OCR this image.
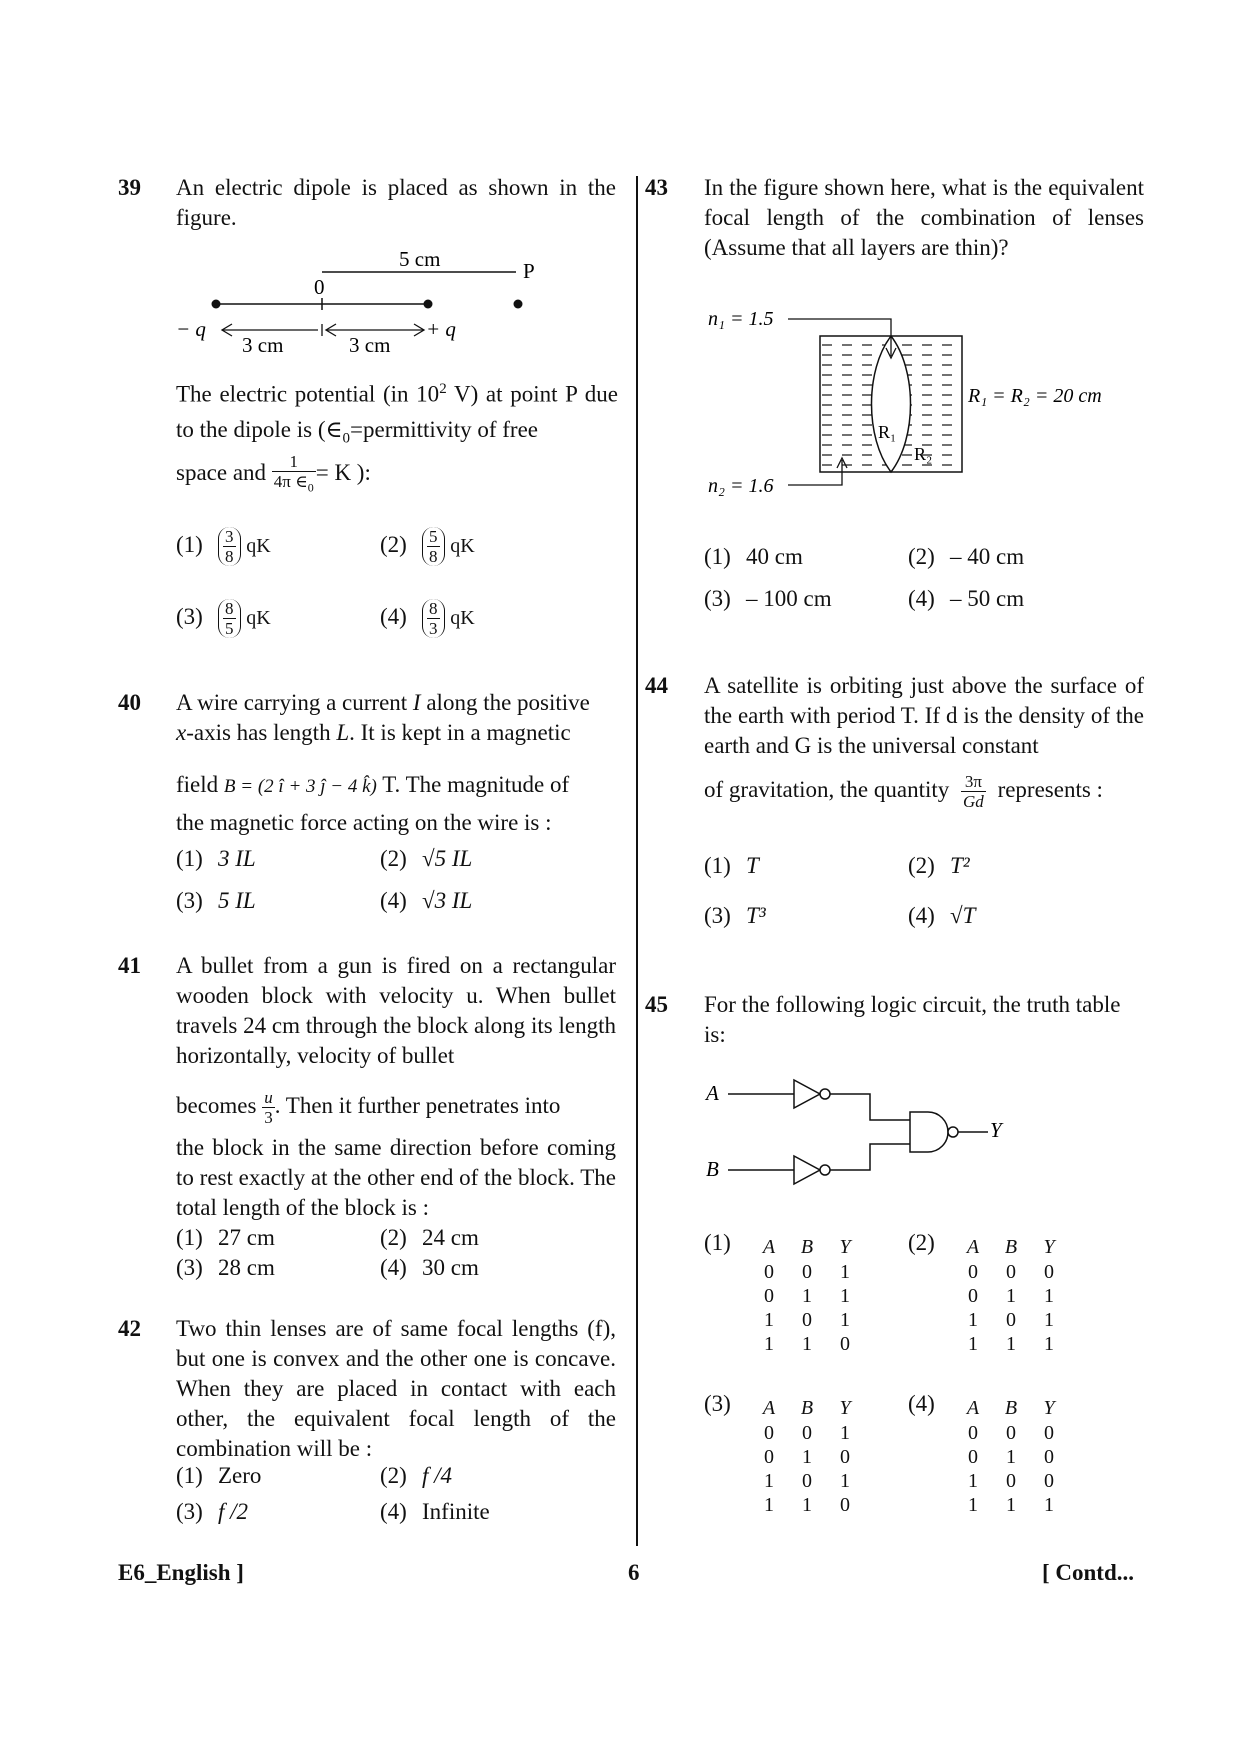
39 An electric dipole is placed as shown in the figure.
5 cm	P
0
− q	+ q
3 cm	3 cm
The electric potential (in $10^2$ V) at point P due to the dipole is ($\in_0=permittivity$ of free
space and $\frac{1}{4\pi \in_0} = K$ ):
$(1) \frac{3}{8}$ qK	$(2) \frac{5}{8}$ qK
$(3) \frac{8}{5}$ qK	$(4) \frac{8}{3}$ qK
40 A wire carrying a current I along the positive
x-axis has length L. It is kept in a magnetic
field B = (2 î + 3 ĵ − 4 k̂) T. The magnitude of
the magnetic force acting on the wire is :
(1) 3 IL	(2) √5 IL
(3) 5 IL	(4) √3 IL
41 A bullet from a gun is fired on a rectangular wooden block with velocity u. When bullet travels 24 cm through the block along its length horizontally, velocity of bullet
becomes $\frac{u}{3}$ . Then it further penetrates into
the block in the same direction before coming to rest exactly at the other end of the block. The total length of the block is :
(1) 27 cm	(2) 24 cm
(3) 28 cm	(4) 30 cm
42 Two thin lenses are of same focal lengths (f), but one is convex and the other one is concave. When they are placed in contact with each other, the equivalent focal length of the combination will be :
(1) Zero	(2) f /4
(3) f /2	(4) Infinite
43 In the figure shown here, what is the equivalent focal length of the combination of lenses (Assume that all layers are thin)?
n₁ = 1.5
n₂ = 1.6
R₁ = R₂ = 20 cm
R₁
R₂
(1) 40 cm	(2) – 40 cm
(3) – 100 cm	(4) – 50 cm
44 A satellite is orbiting just above the surface of the earth with period T. If d is the density of the earth and G is the universal constant
of gravitation, the quantity $\frac{3\pi}{Gd}$ represents :
(1) T	(2) T²
(3) T³	(4) √T
45 For the following logic circuit, the truth table is:
A
B
Y
(1) A	B	Y
0	0	1
0	1	1
1	0	1
1	1	0
(2) A	B	Y
0	0	0
0	1	1
1	0	1
1	1	1
(3) A	B	Y
0	0	1
0	1	0
1	0	1
1	1	0
(4) A	B	Y
0	0	0
0	1	0
1	0	0
1	1	1
E6_English ]	6	[ Contd...
